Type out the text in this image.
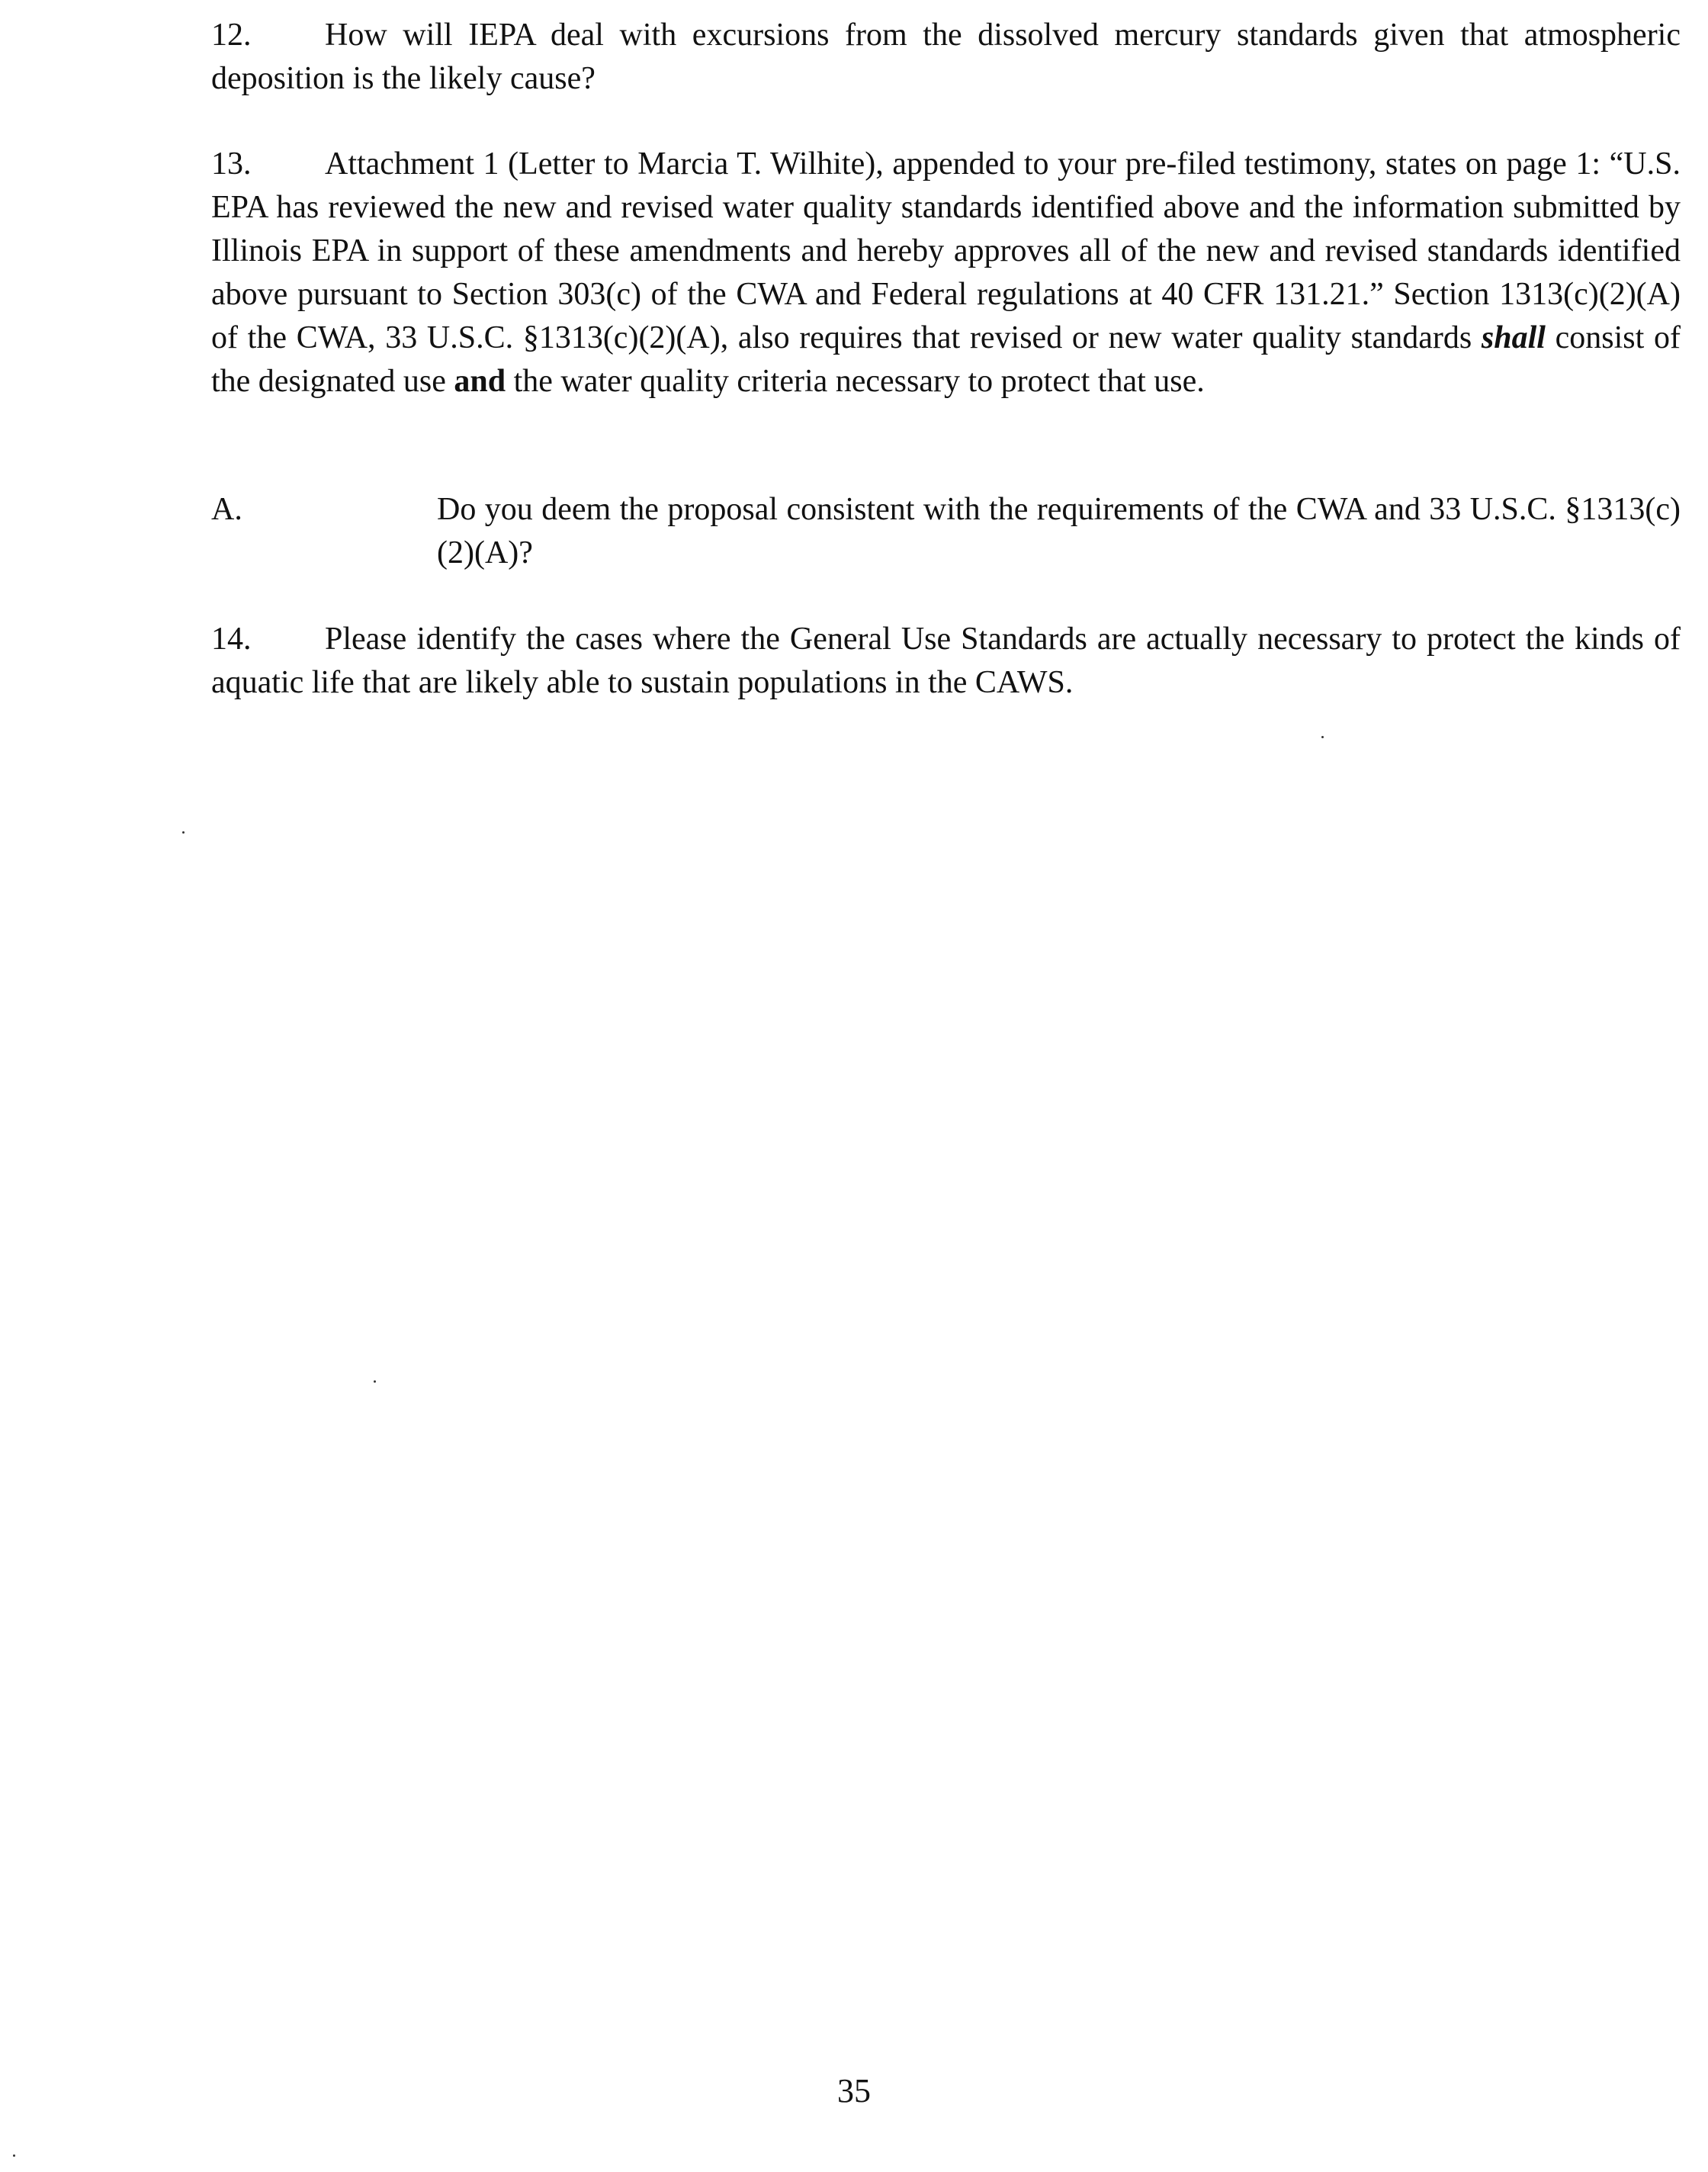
12. How will IEPA deal with excursions from the dissolved mercury standards given that atmospheric deposition is the likely cause?

13. Attachment 1 (Letter to Marcia T. Wilhite), appended to your pre-filed testimony, states on page 1: “U.S. EPA has reviewed the new and revised water quality standards identified above and the information submitted by Illinois EPA in support of these amendments and hereby approves all of the new and revised standards identified above pursuant to Section 303(c) of the CWA and Federal regulations at 40 CFR 131.21.” Section 1313(c)(2)(A) of the CWA, 33 U.S.C. §1313(c)(2)(A), also requires that revised or new water quality standards shall consist of the designated use and the water quality criteria necessary to protect that use.

A.	Do you deem the proposal consistent with the requirements of the CWA and 33 U.S.C. §1313(c)(2)(A)?

14. Please identify the cases where the General Use Standards are actually necessary to protect the kinds of aquatic life that are likely able to sustain populations in the CAWS.

35
